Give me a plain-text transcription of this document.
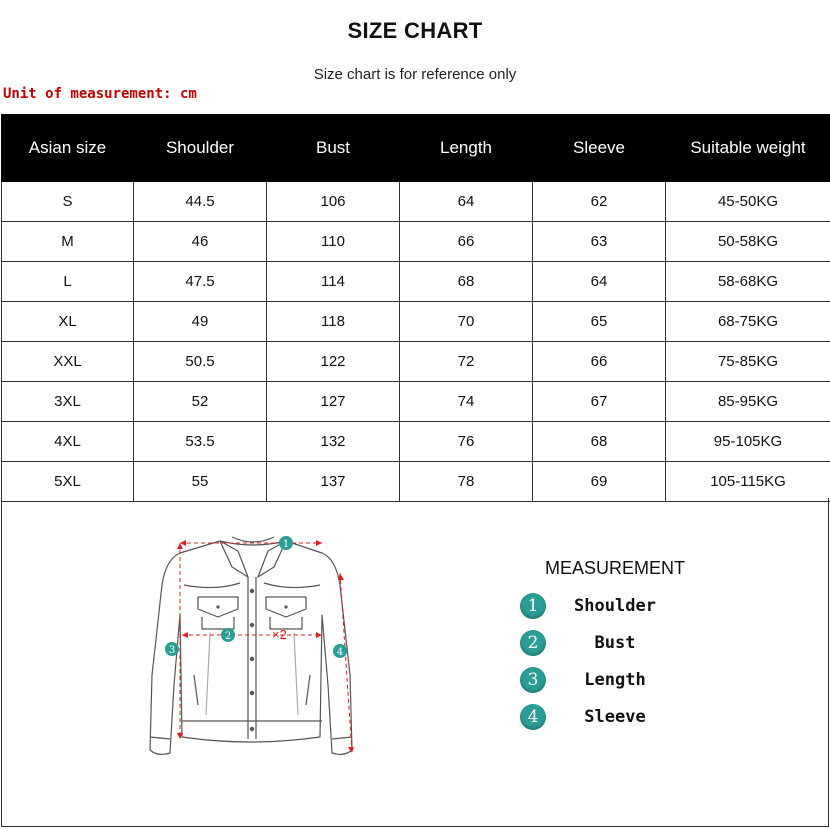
SIZE CHART
Size chart is for reference only
Unit of measurement: cm
Asian size	Shoulder	Bust	Length	Sleeve	Suitable weight
S	44.5	106	64	62	45-50KG
M	46	110	66	63	50-58KG
L	47.5	114	68	64	58-68KG
XL	49	118	70	65	68-75KG
XXL	50.5	122	72	66	75-85KG
3XL	52	127	74	67	85-95KG
4XL	53.5	132	76	68	95-105KG
5XL	55	137	78	69	105-115KG
1
2
3	4
×2
MEASUREMENT
1	Shoulder
2	Bust
3	Length
4	Sleeve
